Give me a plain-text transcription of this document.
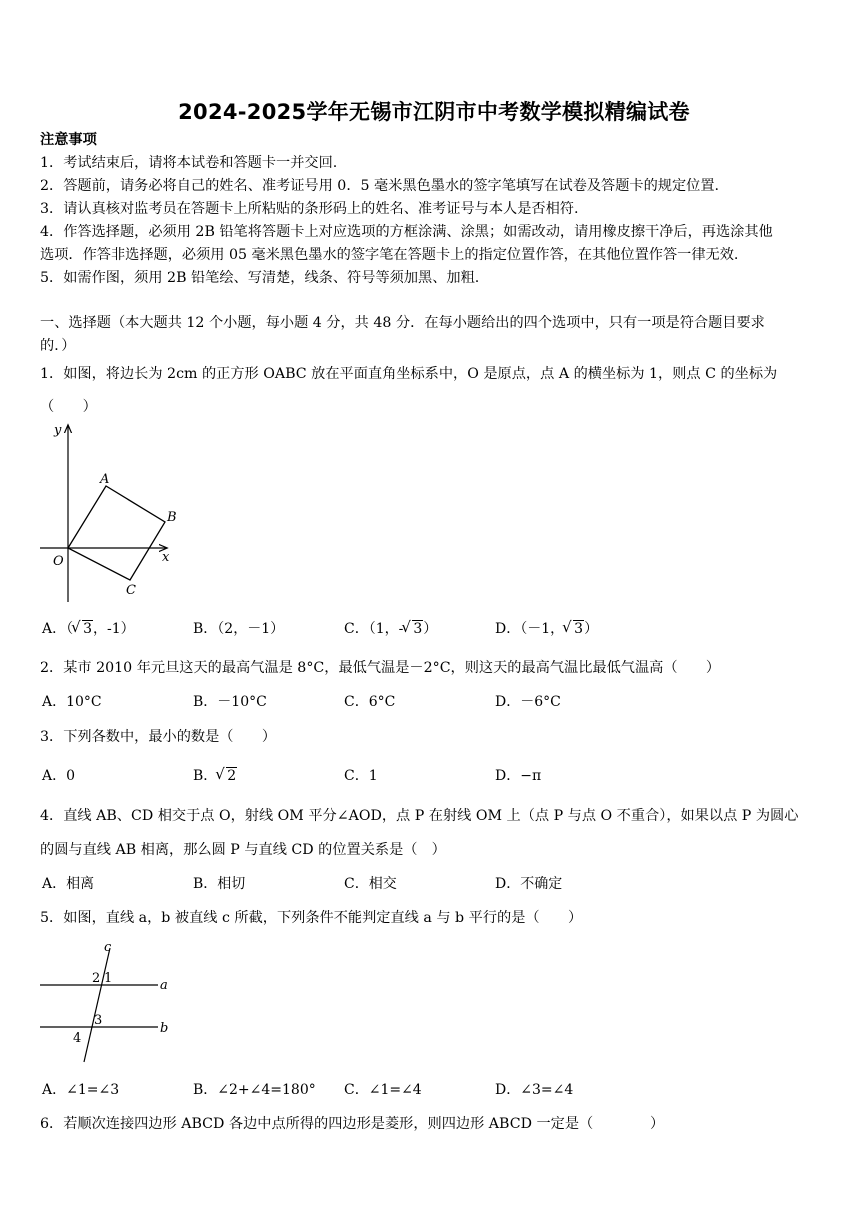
2024-2025学年无锡市江阴市中考数学模拟精编试卷
注意事项
1．考试结束后，请将本试卷和答题卡一并交回.
2．答题前，请务必将自己的姓名、准考证号用 0．5 毫米黑色墨水的签字笔填写在试卷及答题卡的规定位置.
3．请认真核对监考员在答题卡上所粘贴的条形码上的姓名、准考证号与本人是否相符.
4．作答选择题，必须用 2B 铅笔将答题卡上对应选项的方框涂满、涂黑；如需改动，请用橡皮擦干净后，再选涂其他
选项．作答非选择题，必须用 05 毫米黑色墨水的签字笔在答题卡上的指定位置作答，在其他位置作答一律无效.
5．如需作图，须用 2B 铅笔绘、写清楚，线条、符号等须加黑、加粗.
一、选择题（本大题共 12 个小题，每小题 4 分，共 48 分．在每小题给出的四个选项中，只有一项是符合题目要求
的．）
1．如图，将边长为 2cm 的正方形 OABC 放在平面直角坐标系中，O 是原点，点 A 的横坐标为 1，则点 C 的坐标为
（　　）
y
x
O
A
B
C
A．（ √ 3，-1）	B．（2，－1）	C．（1，- √ 3）	D．（－1， √ 3）
2．某市 2010 年元旦这天的最高气温是 8°C，最低气温是－2°C，则这天的最高气温比最低气温高（　　）
A．10°C	B．－10°C	C．6°C	D．－6°C
3．下列各数中，最小的数是（　　）
A．0	B． √ 2	C．1	D．−π
4．直线 AB、CD 相交于点 O，射线 OM 平分∠AOD，点 P 在射线 OM 上（点 P 与点 O 不重合），如果以点 P 为圆心
的圆与直线 AB 相离，那么圆 P 与直线 CD 的位置关系是（　）
A．相离	B．相切	C．相交	D．不确定
5．如图，直线 a，b 被直线 c 所截，下列条件不能判定直线 a 与 b 平行的是（　　）
c
a
b
1
2
3
4
A．∠1=∠3	B．∠2+∠4=180° C．∠1=∠4	D．∠3=∠4
6．若顺次连接四边形 ABCD 各边中点所得的四边形是菱形，则四边形 ABCD 一定是（　　　　）
